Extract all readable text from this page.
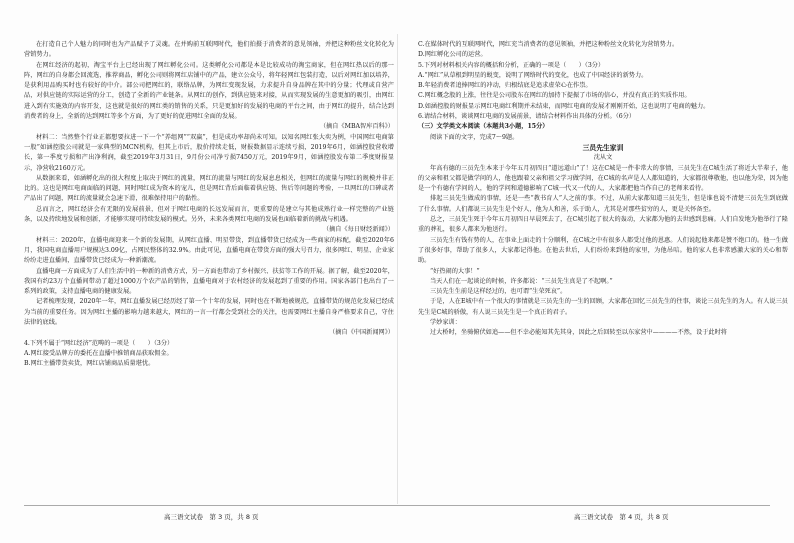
在打造自己个人魅力的同时也为产品赋予了灵魂。在并购前互联网时代，他们拍摄于消费者的意见领袖，并把这种粉丝文化转化为营销势力。

在网红经济的起初，淘宝平台上已经出现了网红孵化公司。这类孵化公司都是本是比较成功的淘宝商家，但在网红热以后的那一阵，网红的自身都会回流选，推荐商品，孵化公司则将网红店铺中的产品，建立公众号，将年轻网红包装打造，以后对网红加以培养，是获利用品购买时也有较好的中介。部公司把网红的，联络品牌，为网红变现发展，力求提升自身品牌在其中的分量；代理或自营产品，对供应链的实际运营的分工，创造了全新的产业链条。从网红的创作，到供应链来对接，从而实现发展的生意更加的吸引，由网红进入到有实施效的内容开发，这也就是很好的网红类的销售的关系，只是更加好的发展的电商的平台之间，由于网红的提升，结合达到消费者的身上，全新的达到网红等多个方面，为了更好的促进网红全面的发展。

（摘自《MBA智库百科》）

材料二：当然整个行业正都想要拉进一下一个“养组网”“双赢”，但是成功率却尚未可知。以知名网红张大奕为例，中国网红电商第一股”如涵控股公司就是一家典型的MCN机构，但其上市后，股价持续走低，财报数据显示连续亏损，2019年6月，如涵控股营收增长，第一季度亏损和产出净利润，截至2019年3月31日，9月份公司净亏损7450万元，2019年9月，如涵控股发布第二季度财报显示，净营收2160万元。

从数据来看，如涵孵化出的很大程度上取决于网红的流量，网红的流量与网红的发展息息相关，但网红的流量与网红的规模并非正比的。这也是网红电商面临的问题，同时网红成为资本的宠儿，但是网红背后面临着供应链、售后等问题的考验，一旦网红的口碑或者产品出了问题，网红的流量就会急速下滑，很难保持用户的黏性。

总而言之，网红经济会有无限的发展前景，但对于网红电商的长远发展而言，更重要的是建立与其他成熟行业一样完整的产业链条，以及持续地发展和创新，才能够实现可持续发展的模式。另外，未来各类网红电商的发展也面临着新的挑战与机遇。

（摘自《每日财经新闻》）

材料三：2020年，直播电商迎来一个新的发展期，从网红直播、明星带货，到直播带货已经成为一些商家的标配，截至2020年6月，我国电商直播用户规模达3.09亿，占网民整体的32.9%。由此可见，直播电商在带货方面的强大号召力，很多网红、明星、企业家纷纷走进直播间，直播带货已经成为一种新潮流。

直播电商一方面成为了人们生活中的一种新的消费方式，另一方面也带动了乡村振兴、扶贫等工作的开展。据了解，截至2020年，我国有约23万个直播间带动了超过1000万个农产品的销售，直播电商对于农村经济的发展起到了重要的作用。国家各部门也出台了一系列的政策，支持直播电商的健康发展。

记者梳理发现，2020年一年，网红直播发展已经历经了第一个十年的发展，同时也在不断地被规范，直播带货的规范化发展已经成为当前的重要任务。因为网红主播的影响力越来越大，网红的一言一行都会受到社会的关注，也需要网红主播自身严格要求自己，守住法律的底线。

（摘自《中国新闻网》）

4.下列不属于“网红经济”范畴的一项是（　　）（3分）

A.网红接受品牌方的委托在直播中推销商品获取佣金。

B.网红主播带货卖货，网红店铺商品质量堪忧。

C.在媒体时代的互联网时代，网红充当消费者的意见领袖，并把这种粉丝文化转化为营销势力。

D.网红孵化公司的运营。

5.下列对材料相关内容的概括和分析，正确的一项是（　　）（3分）

A.“网红”从草根到明星的蜕变，说明了网络时代的变化，也成了中国经济的新势力。

B.年轻消费者追捧网红的冲动，归根结底是追求虚荣心在作祟。

C.网红概念股的上涨，往往是公司股东在网红的加持下提振了市场的信心，并没有真正的实质作用。

D.如涵控股的财报显示网红电商红利期并未结束，而网红电商的发展才刚刚开始，这也说明了电商的魅力。

6.请结合材料，谈谈网红电商的发展前景，请结合材料作出具体的分析。（6分）

（三）文学类文本阅读（本题共3小题，15分）

阅读下面的文字，完成7～9题。

三员先生家训

沈从文

年高有德的三员先生本来于今年五月初四日“道远道山”了！这在C城是一件非常大的事情，三员先生在C城生活了将近大半辈子，他的父亲和祖父都是做学问的人，他也跟着父亲和祖父学习做学问，在C城的名声是人人都知道的，大家都很尊敬他，也以他为荣，因为他是一个有德有学问的人，他的学问和道德影响了C城一代又一代的人，大家都把他当作自己的老师来看待。

排起三员先生做成的事情，还是一些“教书育人”人之前的事。不过，从前大家都知道三员先生，但是谁也说不清楚三员先生到底做了什么事情。人们都说三员先生是个好人，他为人和善，乐于助人，尤其是对那些贫穷的人，更是关怀备至。

总之，三员先生死于今年五月初四日早晨死去了，在C城引起了很大的轰动，大家都为他的去世感到悲痛。人们自发地为他举行了隆重的葬礼，很多人都来为他送行。

三员先生有钱有势的人，在事业上面走的十分顺利，在C城之中有很多人都受过他的恩惠。人们说起他来都是赞不绝口的。他一生做了很多好事，帮助了很多人，大家都记得他。在他去世后，人们纷纷来到他的家里，为他吊唁。他的家人也非常感激大家的关心和帮助。

“好热闹的大事！”

当天人们在一起谈论的时候，许多都说：“三员先生真是了不起啊。”

三员先生生前是这样经过的，也可谓“生荣死哀”。

于是，人在E城中有一个很大的事情就是三员先生的一生的回顾，大家都在回忆三员先生的往事，谈论三员先生的为人。有人说三员先生是C城的骄傲，有人说三员先生是一个真正的君子。

学妙家训：

过大桥时，坐骑俯伏如追——但不幸必能知其先其身，因此之后回转至以东家营中————不然，设于此时将

高三语文试卷　第 3 页，共 8 页	高三语文试卷　第 4 页，共 8 页
